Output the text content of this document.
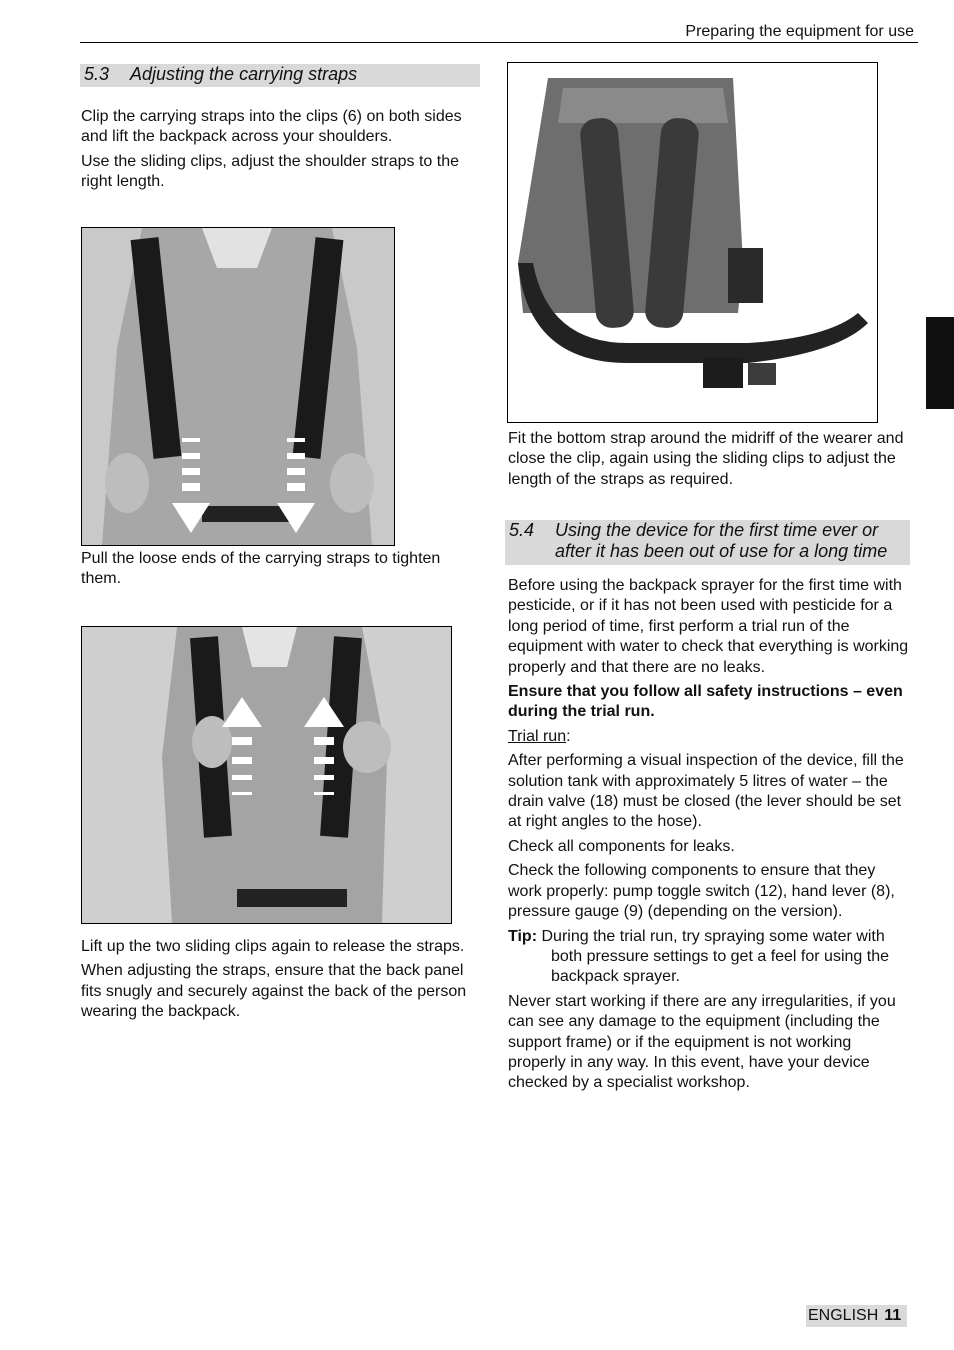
Preparing the equipment for use
5.3	Adjusting the carrying straps

Clip the carrying straps into the clips (6) on both sides and lift the backpack across your shoulders.

Use the sliding clips, adjust the shoulder straps to the right length.

Pull the loose ends of the carrying straps to tighten them.

Lift up the two sliding clips again to release the straps.

When adjusting the straps, ensure that the back panel fits snugly and securely against the back of the person wearing the backpack.

Fit the bottom strap around the midriff of the wearer and close the clip, again using the sliding clips to adjust the length of the straps as required.

5.4	Using the device for the first time ever or after it has been out of use for a long time

Before using the backpack sprayer for the first time with pesticide, or if it has not been used with pesticide for a long period of time, first perform a trial run of the equipment with water to check that everything is working properly and that there are no leaks.

Ensure that you follow all safety instructions – even during the trial run.

Trial run:

After performing a visual inspection of the device, fill the solution tank with approximately 5 litres of water – the drain valve (18) must be closed (the lever should be set at right angles to the hose).

Check all components for leaks.

Check the following components to ensure that they work properly: pump toggle switch (12), hand lever (8), pressure gauge (9) (depending on the version).

Tip: During the trial run, try spraying some water with both pressure settings to get a feel for using the backpack sprayer.

Never start working if there are any irregularities, if you can see any damage to the equipment (including the support frame) or if the equipment is not working properly in any way. In this event, have your device checked by a specialist workshop.

ENGLISH 11
